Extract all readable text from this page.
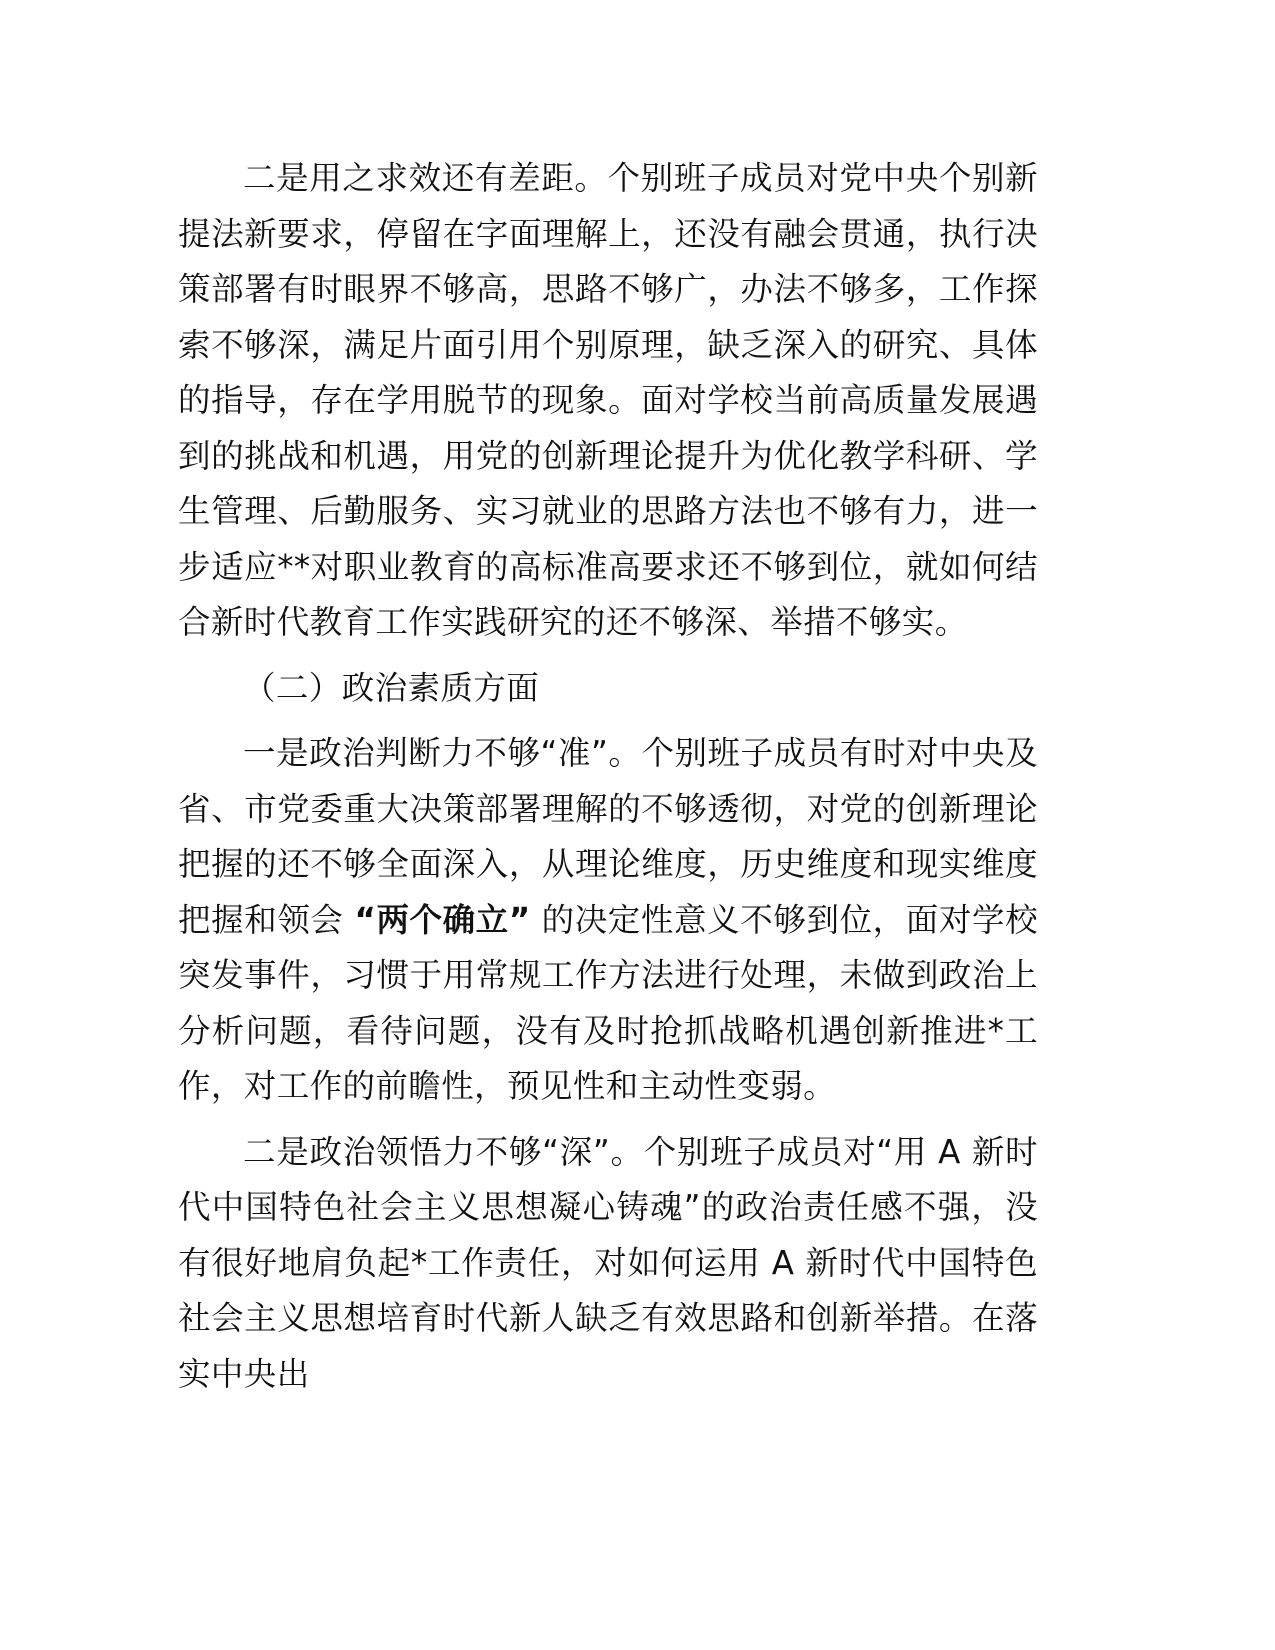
二是用之求效还有差距。个别班子成员对党中央个别新提法新要求，停留在字面理解上，还没有融会贯通，执行决策部署有时眼界不够高，思路不够广，办法不够多，工作探索不够深，满足片面引用个别原理，缺乏深入的研究、具体的指导，存在学用脱节的现象。面对学校当前高质量发展遇到的挑战和机遇，用党的创新理论提升为优化教学科研、学生管理、后勤服务、实习就业的思路方法也不够有力，进一步适应**对职业教育的高标准高要求还不够到位，就如何结合新时代教育工作实践研究的还不够深、举措不够实。

（二）政治素质方面

一是政治判断力不够“准”。个别班子成员有时对中央及省、市党委重大决策部署理解的不够透彻，对党的创新理论把握的还不够全面深入，从理论维度，历史维度和现实维度把握和领会 “两个确立” 的决定性意义不够到位，面对学校突发事件，习惯于用常规工作方法进行处理，未做到政治上分析问题，看待问题，没有及时抢抓战略机遇创新推进*工作，对工作的前瞻性，预见性和主动性变弱。

二是政治领悟力不够“深”。个别班子成员对“用 A 新时代中国特色社会主义思想凝心铸魂”的政治责任感不强，没有很好地肩负起*工作责任，对如何运用 A 新时代中国特色社会主义思想培育时代新人缺乏有效思路和创新举措。在落实中央出
